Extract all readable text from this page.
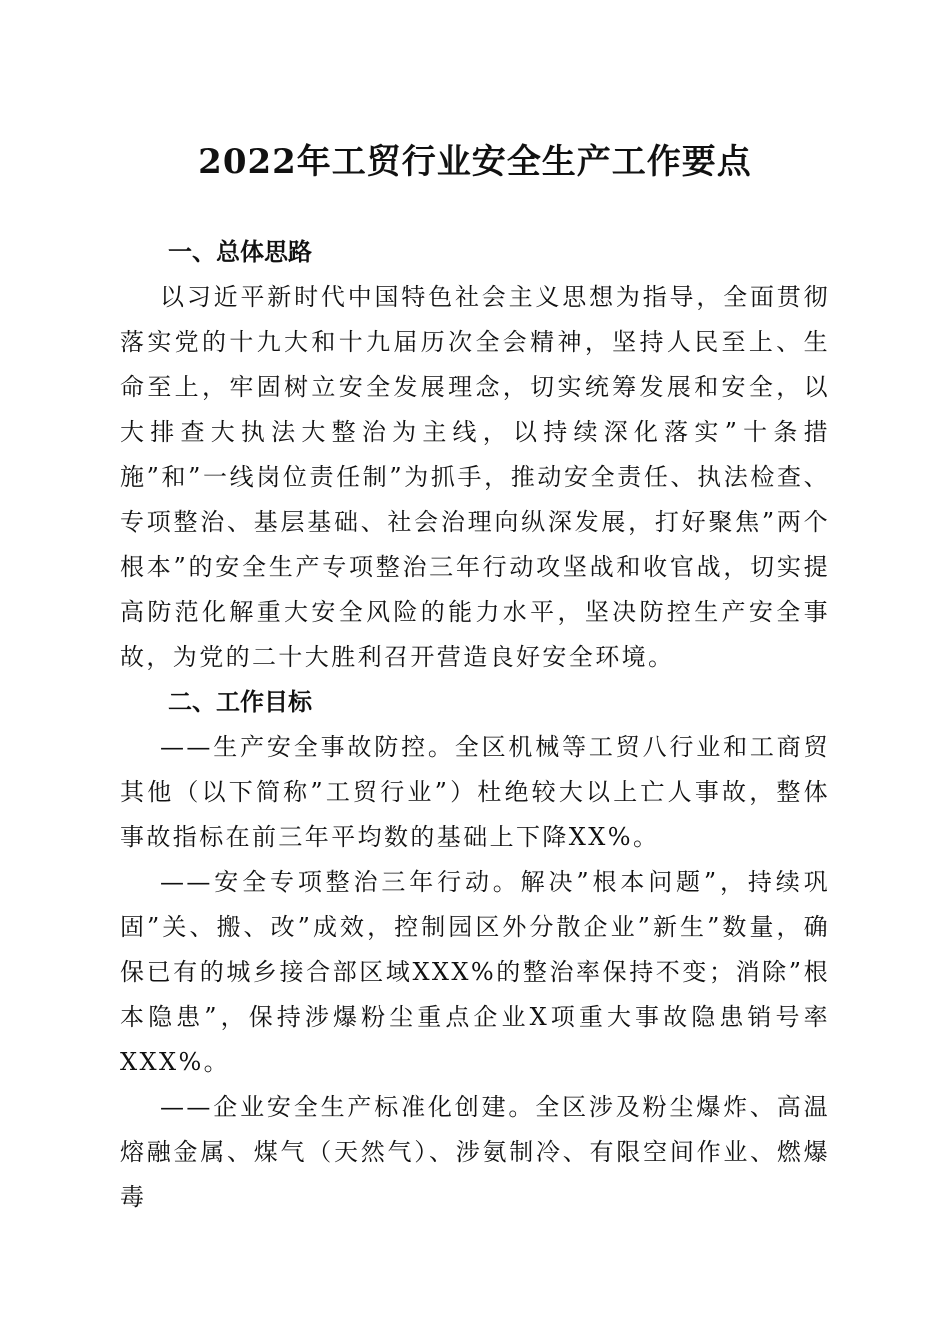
2022年工贸行业安全生产工作要点

一、总体思路

以习近平新时代中国特色社会主义思想为指导，全面贯彻落实党的十九大和十九届历次全会精神，坚持人民至上、生命至上，牢固树立安全发展理念，切实统筹发展和安全，以大排查大执法大整治为主线，以持续深化落实”十条措施”和”一线岗位责任制”为抓手，推动安全责任、执法检查、专项整治、基层基础、社会治理向纵深发展，打好聚焦”两个根本”的安全生产专项整治三年行动攻坚战和收官战，切实提高防范化解重大安全风险的能力水平，坚决防控生产安全事故，为党的二十大胜利召开营造良好安全环境。

二、工作目标

——生产安全事故防控。全区机械等工贸八行业和工商贸其他（以下简称”工贸行业”）杜绝较大以上亡人事故，整体事故指标在前三年平均数的基础上下降XX%。

——安全专项整治三年行动。解决”根本问题”，持续巩固”关、搬、改”成效，控制园区外分散企业”新生”数量，确保已有的城乡接合部区域XXX%的整治率保持不变；消除”根本隐患”，保持涉爆粉尘重点企业X项重大事故隐患销号率XXX%。

——企业安全生产标准化创建。全区涉及粉尘爆炸、高温熔融金属、煤气（天然气）、涉氨制冷、有限空间作业、燃爆毒
